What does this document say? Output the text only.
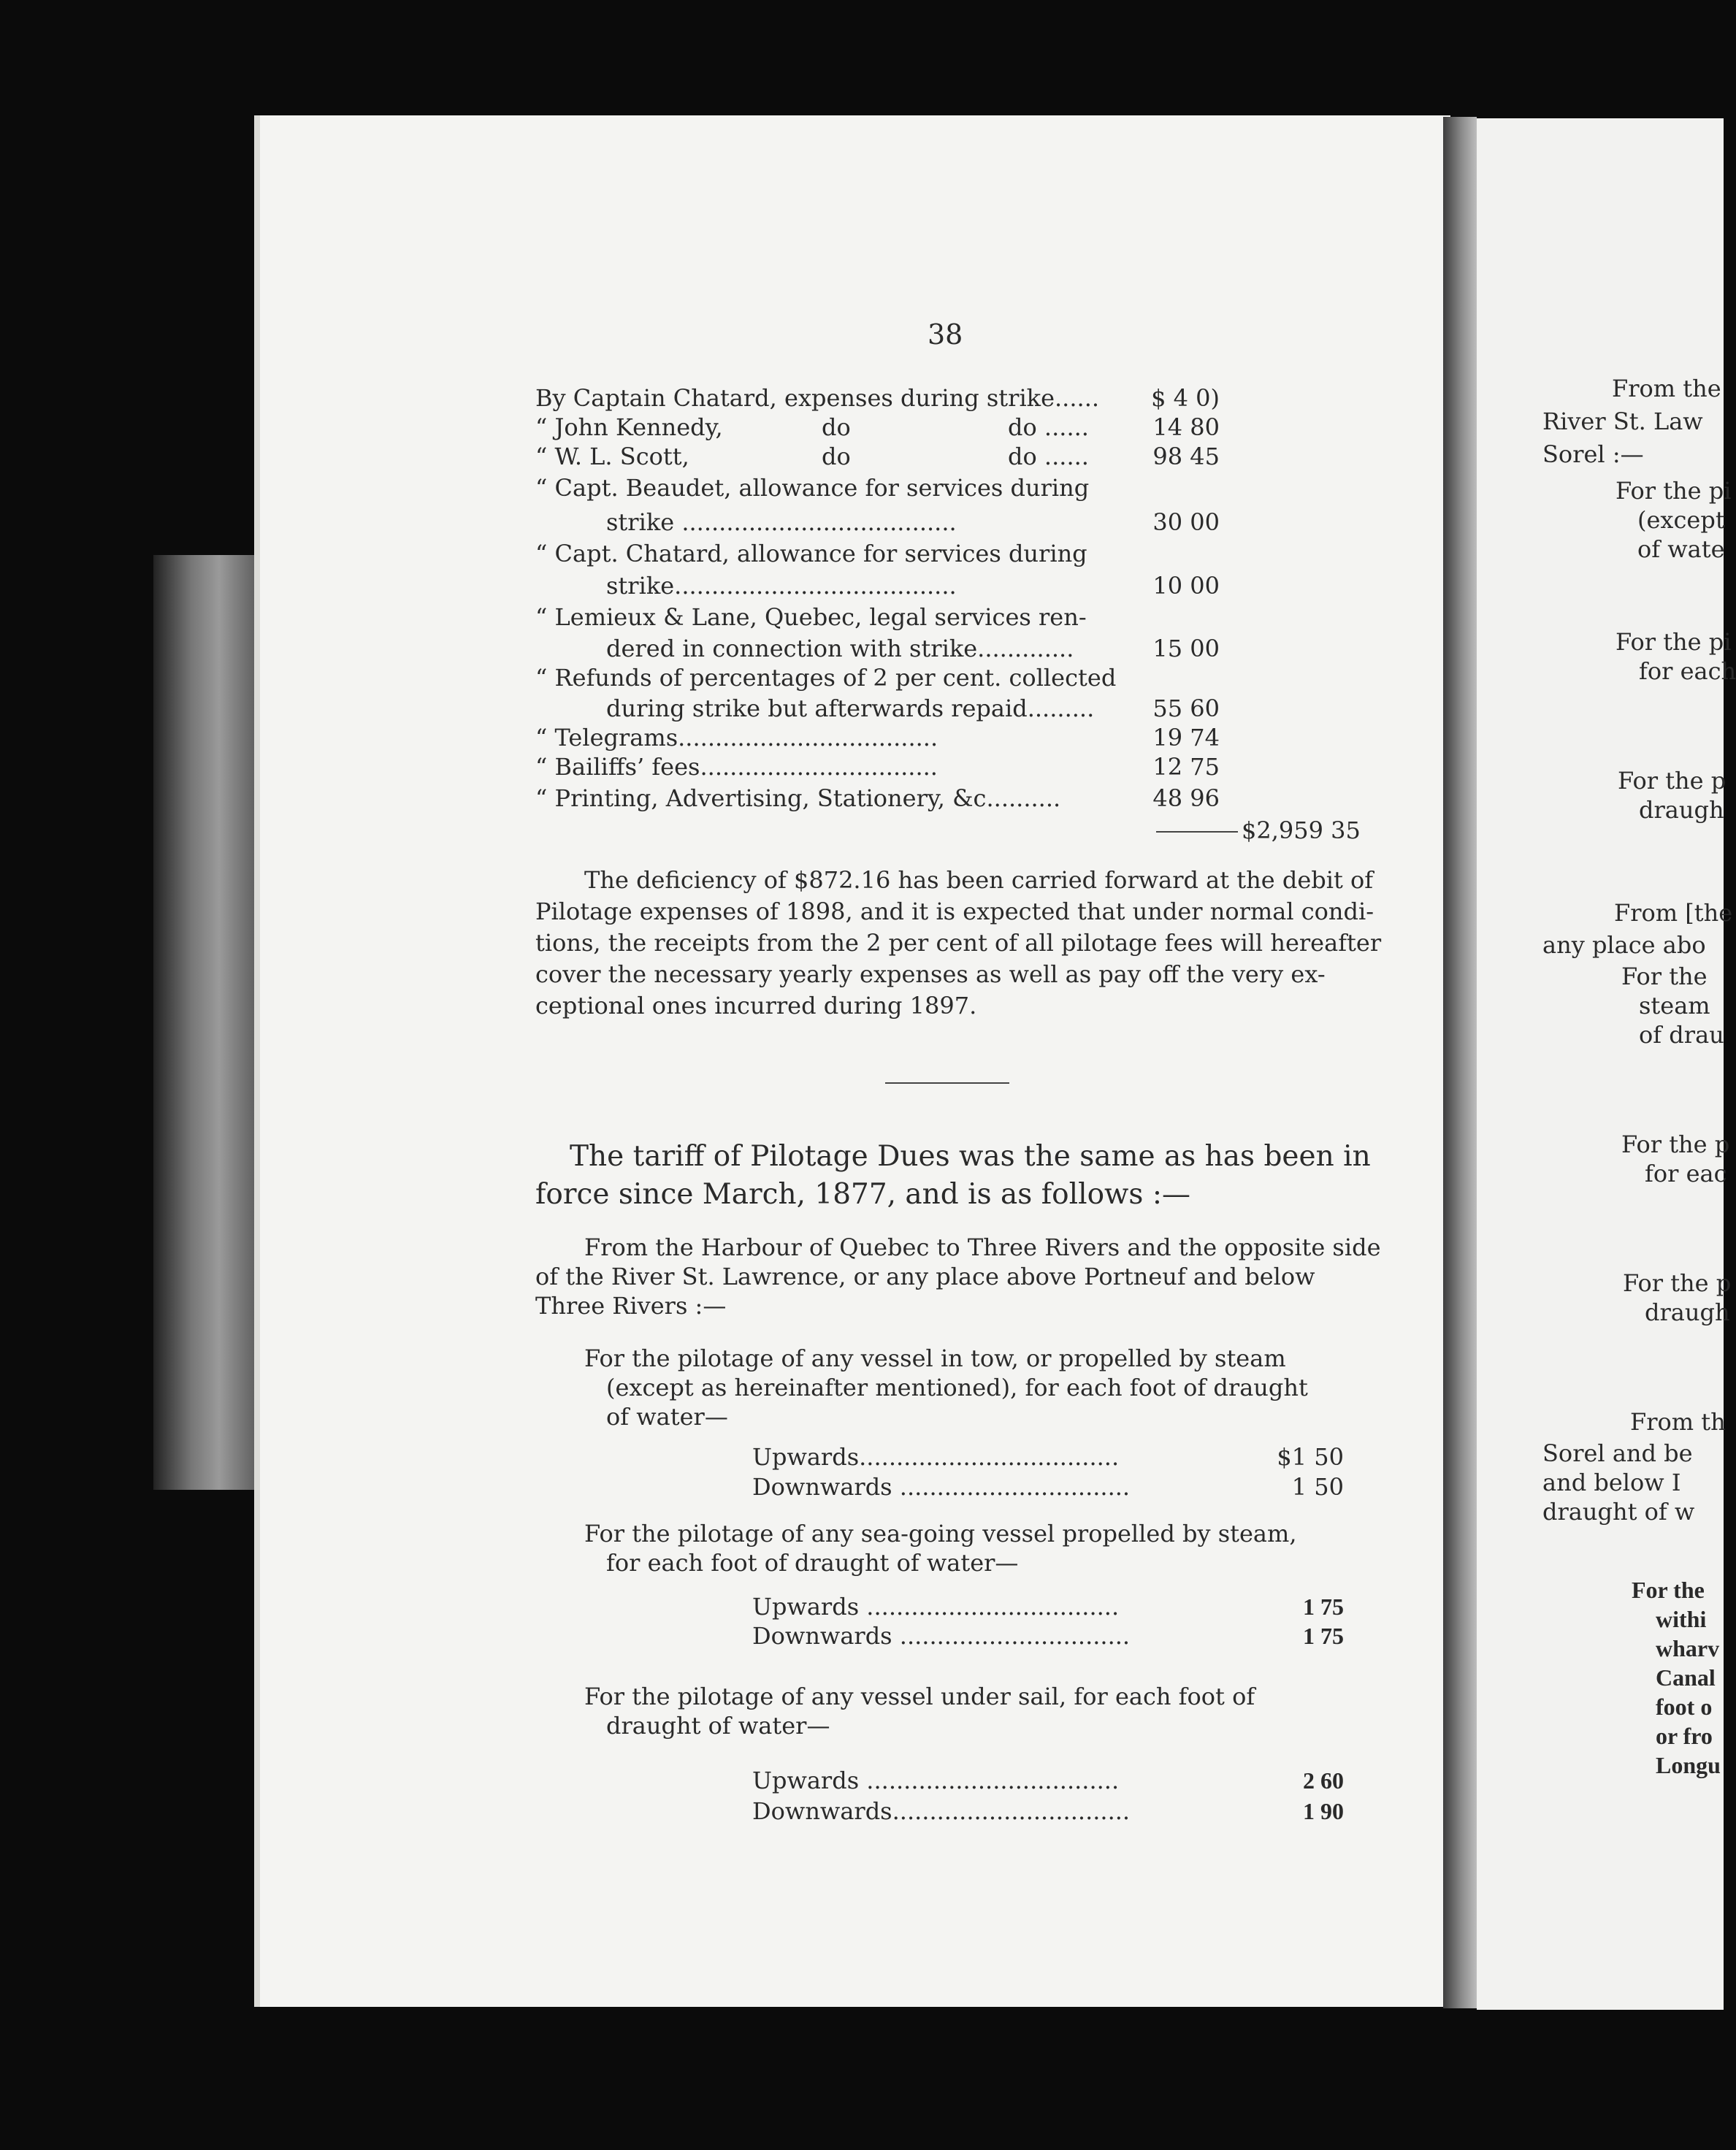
38
By Captain Chatard, expenses during strike......	$ 4 0)
“ John Kennedy,	do	do ......	14 80
“ W. L. Scott,	do	do ......	98 45
“ Capt. Beaudet, allowance for services during
strike .....................................	30 00
“ Capt. Chatard, allowance for services during
strike......................................	10 00
“ Lemieux & Lane, Quebec, legal services ren-
dered in connection with strike.............	15 00
“ Refunds of percentages of 2 per cent. collected
during strike but afterwards repaid.........	55 60
“ Telegrams...................................	19 74
“ Bailiffs’ fees................................	12 75
“ Printing, Advertising, Stationery, &c..........	48 96
$2,959 35
The deficiency of $872.16 has been carried forward at the debit of
Pilotage expenses of 1898, and it is expected that under normal condi-
tions, the receipts from the 2 per cent of all pilotage fees will hereafter
cover the necessary yearly expenses as well as pay off the very ex-
ceptional ones incurred during 1897.
The tariff of Pilotage Dues was the same as has been in
force since March, 1877, and is as follows :—
From the Harbour of Quebec to Three Rivers and the opposite side
of the River St. Lawrence, or any place above Portneuf and below
Three Rivers :—
For the pilotage of any vessel in tow, or propelled by steam
(except as hereinafter mentioned), for each foot of draught
of water—
Upwards...................................	$1 50
Downwards ...............................	1 50
For the pilotage of any sea-going vessel propelled by steam,
for each foot of draught of water—
Upwards ..................................	1 75
Downwards ...............................	1 75
For the pilotage of any vessel under sail, for each foot of
draught of water—
Upwards ..................................	2 60
Downwards................................	1 90
From the
River St. Law
Sorel :—
For the pi
(except
of wate
For the pi
for each
For the p
draugh
From [the
any place abo
For the
steam
of drau
For the p
for eac
For the p
draugh
From th
Sorel and be
and below I
draught of w
For the
withi
wharv
Canal
foot o
or fro
Longu
